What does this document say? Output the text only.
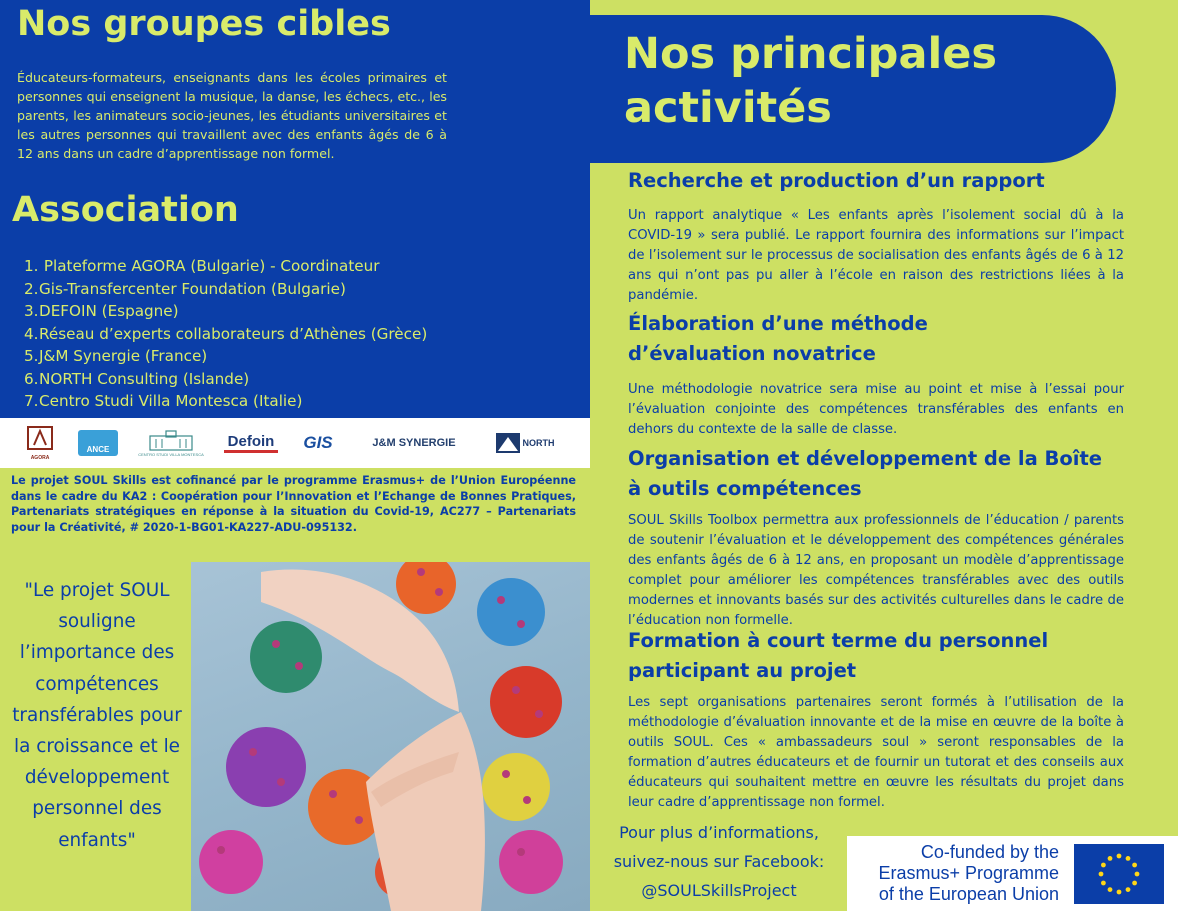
Nos groupes cibles

Éducateurs-formateurs, enseignants dans les écoles primaires et personnes qui enseignent la musique, la danse, les échecs, etc., les parents, les animateurs socio-jeunes, les étudiants universitaires et les autres personnes qui travaillent avec des enfants âgés de 6 à 12 ans dans un cadre d’apprentissage non formel.

Association
1. Plateforme AGORA (Bulgarie) - Coordinateur
2.Gis-Transfercenter Foundation (Bulgarie)
3.DEFOIN (Espagne)
4.Réseau d’experts collaborateurs d’Athènes (Grèce)
5.J&M Synergie (France)
6.NORTH Consulting (Islande)
7.Centro Studi Villa Montesca (Italie)
AGORA
ANCE	CENTRO STUDI VILLA MONTESCA
Defoin GIS	J&M SYNERGIE	NORTH

Le projet SOUL Skills est cofinancé par le programme Erasmus+ de l’Union Européenne dans le cadre du KA2 : Coopération pour l’Innovation et l’Echange de Bonnes Pratiques, Partenariats stratégiques en réponse à la situation du Covid-19, AC277 – Partenariats pour la Créativité, # 2020-1-BG01-KA227-ADU-095132.

"Le projet SOUL souligne l’importance des compétences transférables pour la croissance et le développement personnel des enfants"	Pour plus d’informations,
suivez-nous sur Facebook:
@SOULSkillsProject
Co-funded by the
Erasmus+ Programme
of the European Union
Nos principales
activités
Recherche et production d’un rapport

Un rapport analytique « Les enfants après l’isolement social dû à la COVID-19 » sera publié. Le rapport fournira des informations sur l’impact de l’isolement sur le processus de socialisation des enfants âgés de 6 à 12 ans qui n’ont pas pu aller à l’école en raison des restrictions liées à la pandémie.

Élaboration d’une méthode d’évaluation novatrice

Une méthodologie novatrice sera mise au point et mise à l’essai pour l’évaluation conjointe des compétences transférables des enfants en dehors du contexte de la salle de classe.

Organisation et développement de la Boîte à outils compétences

SOUL Skills Toolbox permettra aux professionnels de l’éducation / parents de soutenir l’évaluation et le développement des compétences générales des enfants âgés de 6 à 12 ans, en proposant un modèle d’apprentissage complet pour améliorer les compétences transférables avec des outils modernes et innovants basés sur des activités culturelles dans le cadre de l’éducation non formelle.

Formation à court terme du personnel participant au projet

Les sept organisations partenaires seront formés à l’utilisation de la méthodologie d’évaluation innovante et de la mise en œuvre de la boîte à outils SOUL. Ces « ambassadeurs soul » seront responsables de la formation d’autres éducateurs et de fournir un tutorat et des conseils aux éducateurs qui souhaitent mettre en œuvre les résultats du projet dans leur cadre d’apprentissage non formel.
